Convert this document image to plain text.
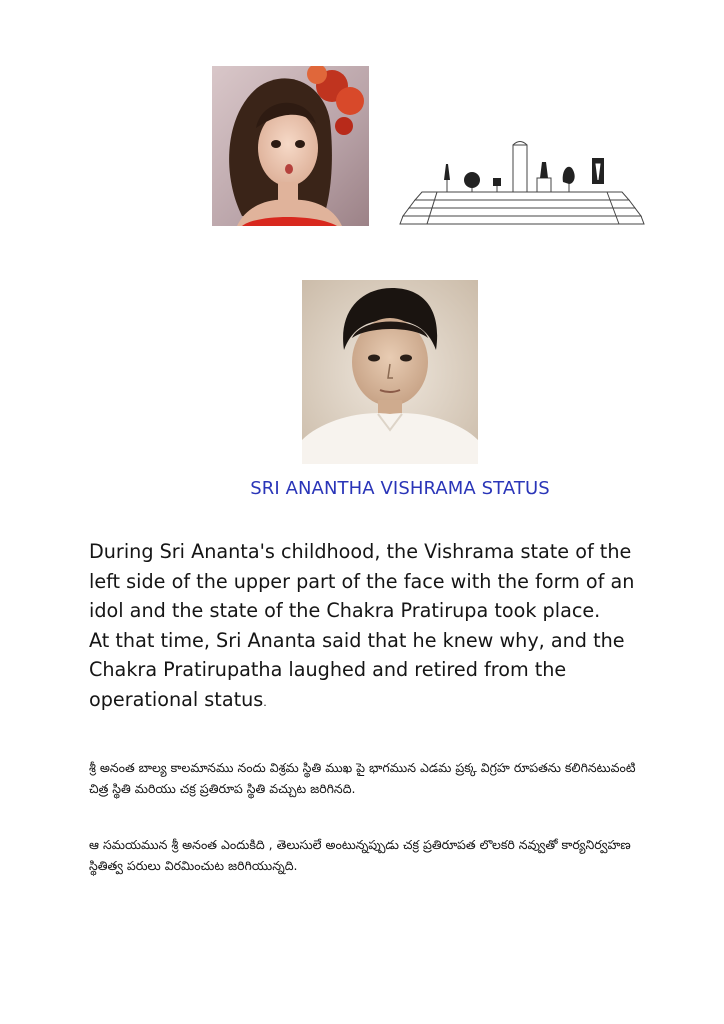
SRI ANANTHA VISHRAMA STATUS

During Sri Ananta's childhood, the Vishrama state of the left side of the upper part of the face with the form of an idol and the state of the Chakra Pratirupa took place.

At that time, Sri Ananta said that he knew why, and the Chakra Pratirupatha laughed and retired from the operational status.

శ్రీ అనంత బాల్య కాలమానము నందు విశ్రమ స్థితి ముఖ పై భాగమున ఎడమ ప్రక్క విగ్రహ రూపతను కలిగినటువంటి చిత్ర స్థితి మరియు చక్ర ప్రతిరూప స్థితి వచ్చుట జరిగినది.
ఆ సమయమున శ్రీ అనంత ఎందుకిది , తెలుసులే అంటున్నప్పుడు చక్ర ప్రతిరూపత లొలకరి నవ్వుతో కార్యనిర్వహణ స్థితిత్వ పరులు విరమించుట జరిగియున్నది.
